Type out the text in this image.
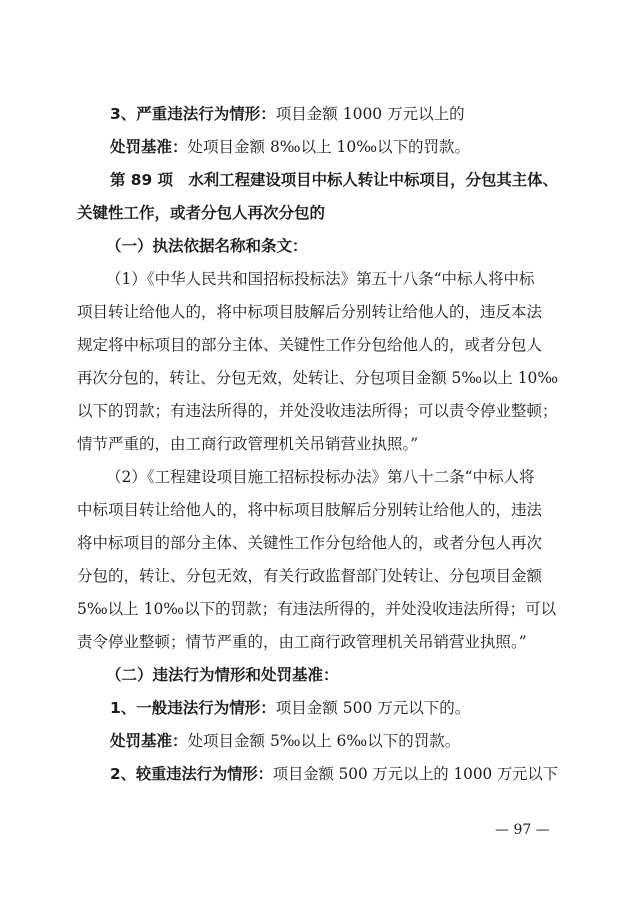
3、严重违法行为情形：项目金额 1000 万元以上的

处罚基准：处项目金额 8‰以上 10‰以下的罚款。

第 89 项　水利工程建设项目中标人转让中标项目，分包其主体、

关键性工作，或者分包人再次分包的

（一）执法依据名称和条文：

（1）《中华人民共和国招标投标法》第五十八条“中标人将中标

项目转让给他人的，将中标项目肢解后分别转让给他人的，违反本法

规定将中标项目的部分主体、关键性工作分包给他人的，或者分包人

再次分包的，转让、分包无效，处转让、分包项目金额 5‰以上 10‰

以下的罚款；有违法所得的，并处没收违法所得；可以责令停业整顿；

情节严重的，由工商行政管理机关吊销营业执照。”

（2）《工程建设项目施工招标投标办法》第八十二条“中标人将

中标项目转让给他人的，将中标项目肢解后分别转让给他人的，违法

将中标项目的部分主体、关键性工作分包给他人的，或者分包人再次

分包的，转让、分包无效，有关行政监督部门处转让、分包项目金额

5‰以上 10‰以下的罚款；有违法所得的，并处没收违法所得；可以

责令停业整顿；情节严重的，由工商行政管理机关吊销营业执照。”

（二）违法行为情形和处罚基准：

1、一般违法行为情形：项目金额 500 万元以下的。

处罚基准：处项目金额 5‰以上 6‰以下的罚款。

2、较重违法行为情形：项目金额 500 万元以上的 1000 万元以下

— 97 —
